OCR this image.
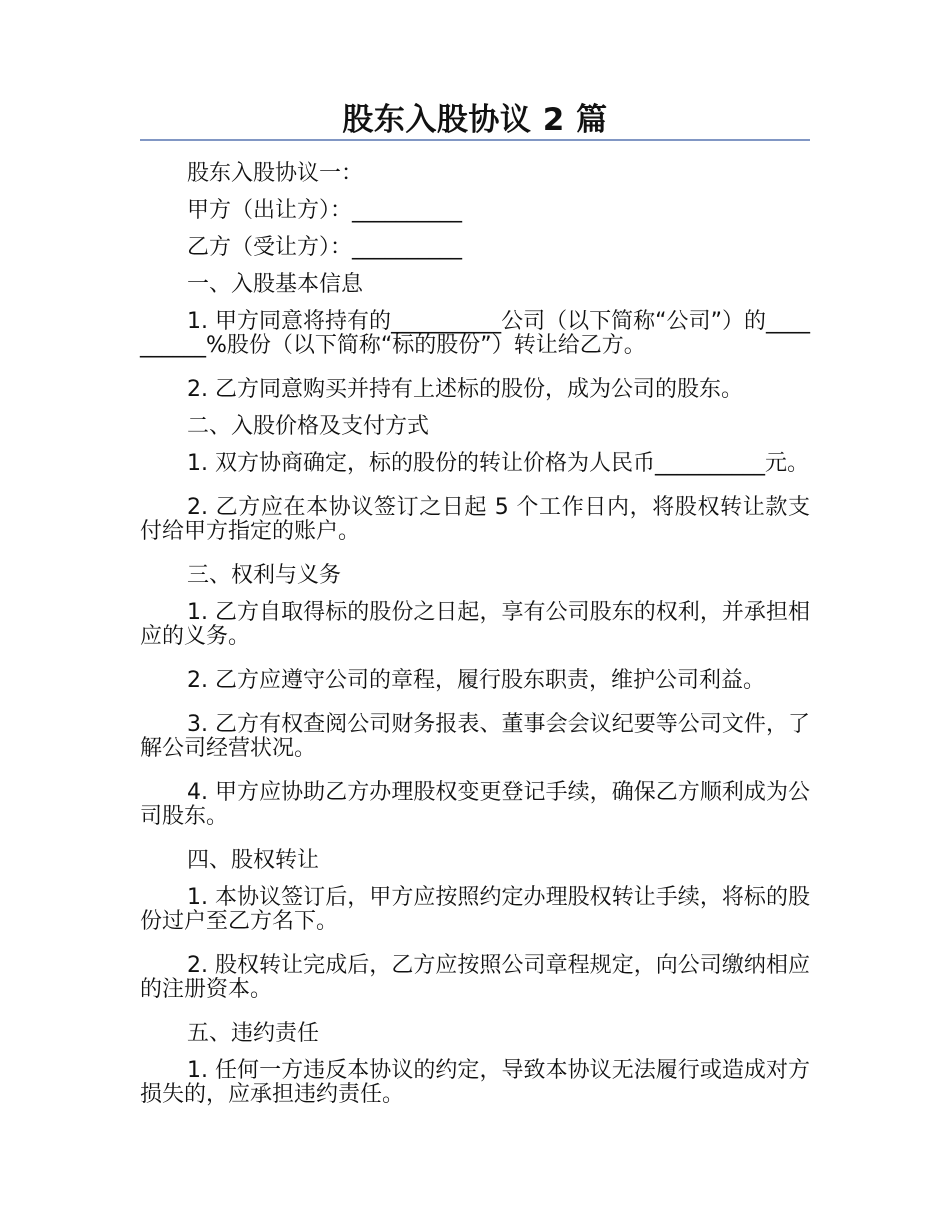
股东入股协议 2 篇

股东入股协议一：

甲方（出让方）：__________

乙方（受让方）：__________

一、入股基本信息

1. 甲方同意将持有的__________公司（以下简称“公司”）的__________%股份（以下简称“标的股份”）转让给乙方。

2. 乙方同意购买并持有上述标的股份，成为公司的股东。

二、入股价格及支付方式

1. 双方协商确定，标的股份的转让价格为人民币__________元。

2. 乙方应在本协议签订之日起 5 个工作日内，将股权转让款支付给甲方指定的账户。

三、权利与义务

1. 乙方自取得标的股份之日起，享有公司股东的权利，并承担相应的义务。

2. 乙方应遵守公司的章程，履行股东职责，维护公司利益。

3. 乙方有权查阅公司财务报表、董事会会议纪要等公司文件，了解公司经营状况。

4. 甲方应协助乙方办理股权变更登记手续，确保乙方顺利成为公司股东。

四、股权转让

1. 本协议签订后，甲方应按照约定办理股权转让手续，将标的股份过户至乙方名下。

2. 股权转让完成后，乙方应按照公司章程规定，向公司缴纳相应的注册资本。

五、违约责任

1. 任何一方违反本协议的约定，导致本协议无法履行或造成对方损失的，应承担违约责任。
